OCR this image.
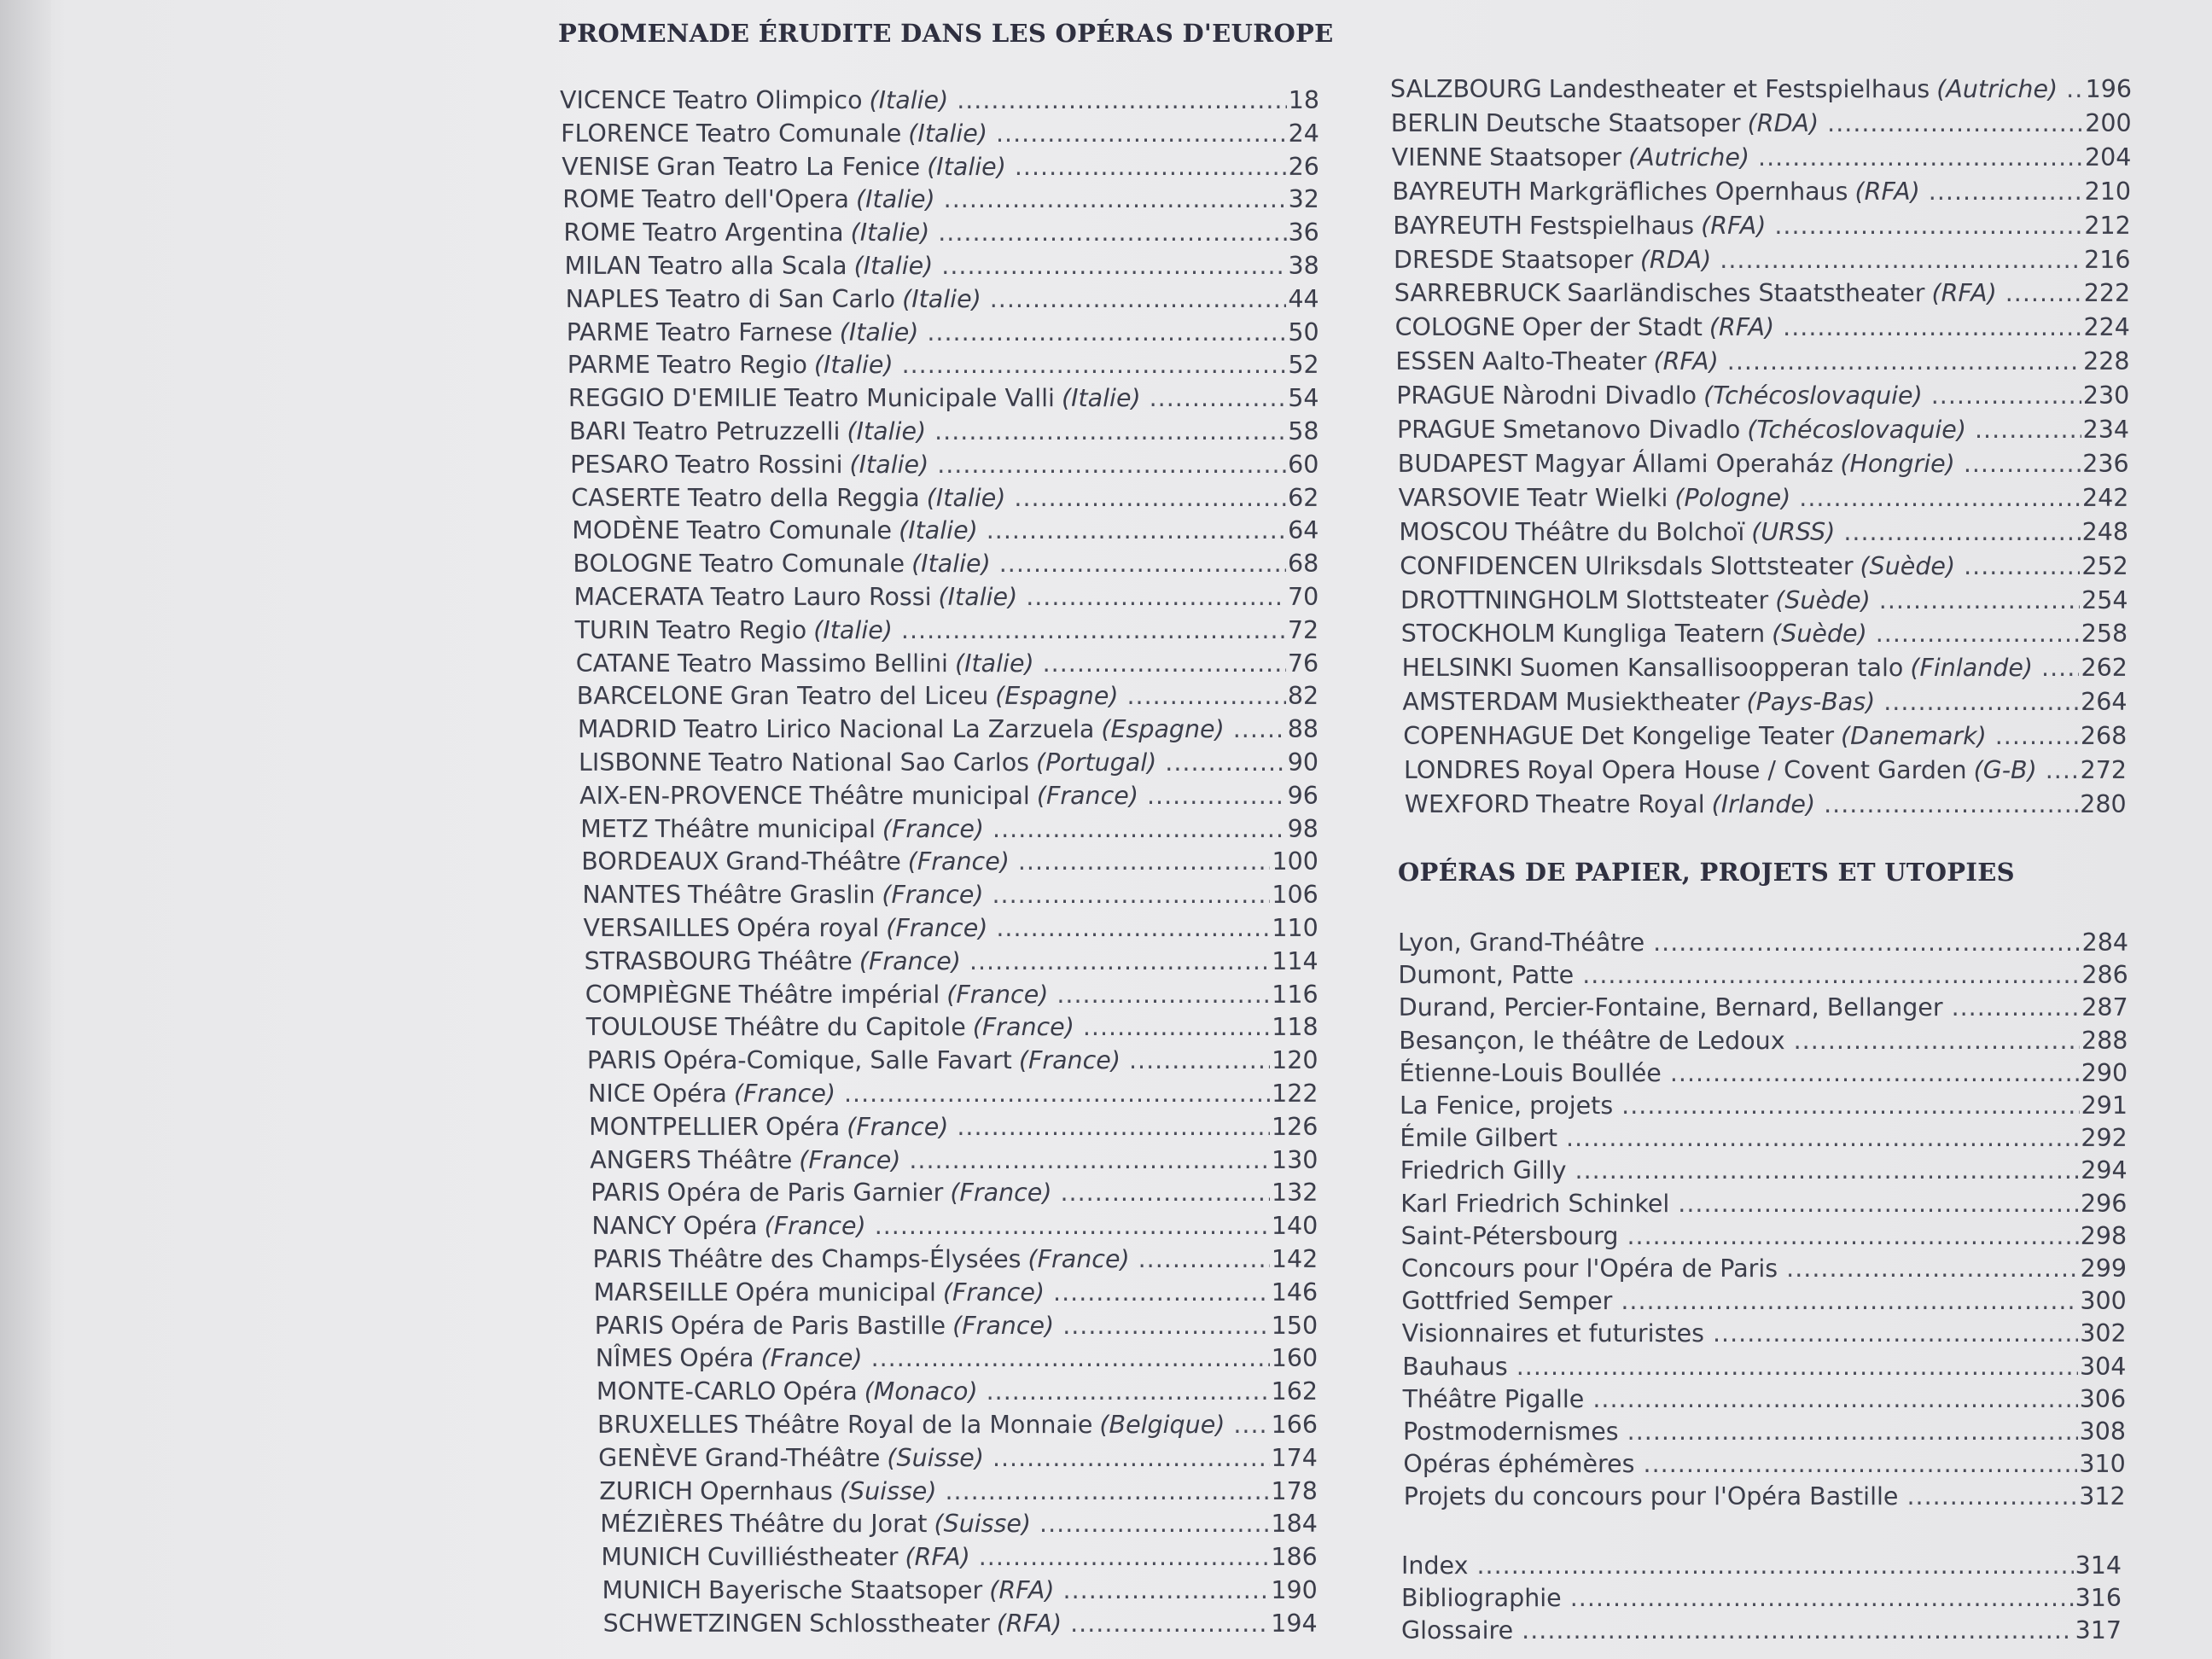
PROMENADE ÉRUDITE DANS LES OPÉRAS D'EUROPE
VICENCE Teatro Olimpico (Italie) .....	18
FLORENCE Teatro Comunale (Italie) .....	24
VENISE Gran Teatro La Fenice (Italie) .....	26
ROME Teatro dell'Opera (Italie) .....	32
ROME Teatro Argentina (Italie) .....	36
MILAN Teatro alla Scala (Italie) .....	38
NAPLES Teatro di San Carlo (Italie) .....	44
PARME Teatro Farnese (Italie) .....	50
PARME Teatro Regio (Italie) .....	52
REGGIO D'EMILIE Teatro Municipale Valli (Italie) .....	54
BARI Teatro Petruzzelli (Italie) .....	58
PESARO Teatro Rossini (Italie) .....	60
CASERTE Teatro della Reggia (Italie) .....	62
MODÈNE Teatro Comunale (Italie) .....	64
BOLOGNE Teatro Comunale (Italie) .....	68
MACERATA Teatro Lauro Rossi (Italie) .....	70
TURIN Teatro Regio (Italie) .....	72
CATANE Teatro Massimo Bellini (Italie) .....	76
BARCELONE Gran Teatro del Liceu (Espagne) .....	82
MADRID Teatro Lirico Nacional La Zarzuela (Espagne) .....	88
LISBONNE Teatro National Sao Carlos (Portugal) .....	90
AIX-EN-PROVENCE Théâtre municipal (France) .....	96
METZ Théâtre municipal (France) .....	98
BORDEAUX Grand-Théâtre (France) .....	100
NANTES Théâtre Graslin (France) .....	106
VERSAILLES Opéra royal (France) .....	110
STRASBOURG Théâtre (France) .....	114
COMPIÈGNE Théâtre impérial (France) .....	116
TOULOUSE Théâtre du Capitole (France) .....	118
PARIS Opéra-Comique, Salle Favart (France) .....	120
NICE Opéra (France) .....	122
MONTPELLIER Opéra (France) .....	126
ANGERS Théâtre (France) .....	130
PARIS Opéra de Paris Garnier (France) .....	132
NANCY Opéra (France) .....	140
PARIS Théâtre des Champs-Élysées (France) .....	142
MARSEILLE Opéra municipal (France) .....	146
PARIS Opéra de Paris Bastille (France) .....	150
NÎMES Opéra (France) .....	160
MONTE-CARLO Opéra (Monaco) .....	162
BRUXELLES Théâtre Royal de la Monnaie (Belgique) ..... 166
GENÈVE Grand-Théâtre (Suisse) .....	174
ZURICH Opernhaus (Suisse) .....	178
MÉZIÈRES Théâtre du Jorat (Suisse) .....	184
MUNICH Cuvilliéstheater (RFA) .....	186
MUNICH Bayerische Staatsoper (RFA) .....	190
SCHWETZINGEN Schlosstheater (RFA) .....	194
SALZBOURG Landestheater et Festspielhaus (Autriche) ..... 196
BERLIN Deutsche Staatsoper (RDA) .....	200
VIENNE Staatsoper (Autriche) .....	204
BAYREUTH Markgräfliches Opernhaus (RFA) .....	210
BAYREUTH Festspielhaus (RFA) .....	212
DRESDE Staatsoper (RDA) .....	216
SARREBRUCK Saarländisches Staatstheater (RFA) .....	222
COLOGNE Oper der Stadt (RFA) .....	224
ESSEN Aalto-Theater (RFA) .....	228
PRAGUE Nàrodni Divadlo (Tchécoslovaquie) .....	230
PRAGUE Smetanovo Divadlo (Tchécoslovaquie) .....	234
BUDAPEST Magyar Állami Operaház (Hongrie) .....	236
VARSOVIE Teatr Wielki (Pologne) .....	242
MOSCOU Théâtre du Bolchoï (URSS) .....	248
CONFIDENCEN Ulriksdals Slottsteater (Suède) .....	252
DROTTNINGHOLM Slottsteater (Suède) .....	254
STOCKHOLM Kungliga Teatern (Suède) .....	258
HELSINKI Suomen Kansallisoopperan talo (Finlande) ..... 262
AMSTERDAM Musiektheater (Pays-Bas) .....	264
COPENHAGUE Det Kongelige Teater (Danemark) .....	268
LONDRES Royal Opera House / Covent Garden (G-B) ..... 272
WEXFORD Theatre Royal (Irlande) .....	280
OPÉRAS DE PAPIER, PROJETS ET UTOPIES
Lyon, Grand-Théâtre .....	284
Dumont, Patte .....	286
Durand, Percier-Fontaine, Bernard, Bellanger .....	287
Besançon, le théâtre de Ledoux .....	288
Étienne-Louis Boullée .....	290
La Fenice, projets .....	291
Émile Gilbert .....	292
Friedrich Gilly .....	294
Karl Friedrich Schinkel .....	296
Saint-Pétersbourg .....	298
Concours pour l'Opéra de Paris .....	299
Gottfried Semper .....	300
Visionnaires et futuristes .....	302
Bauhaus .....	304
Théâtre Pigalle .....	306
Postmodernismes .....	308
Opéras éphémères .....	310
Projets du concours pour l'Opéra Bastille .....	312
Index .....	314
Bibliographie .....	316
Glossaire .....	317
